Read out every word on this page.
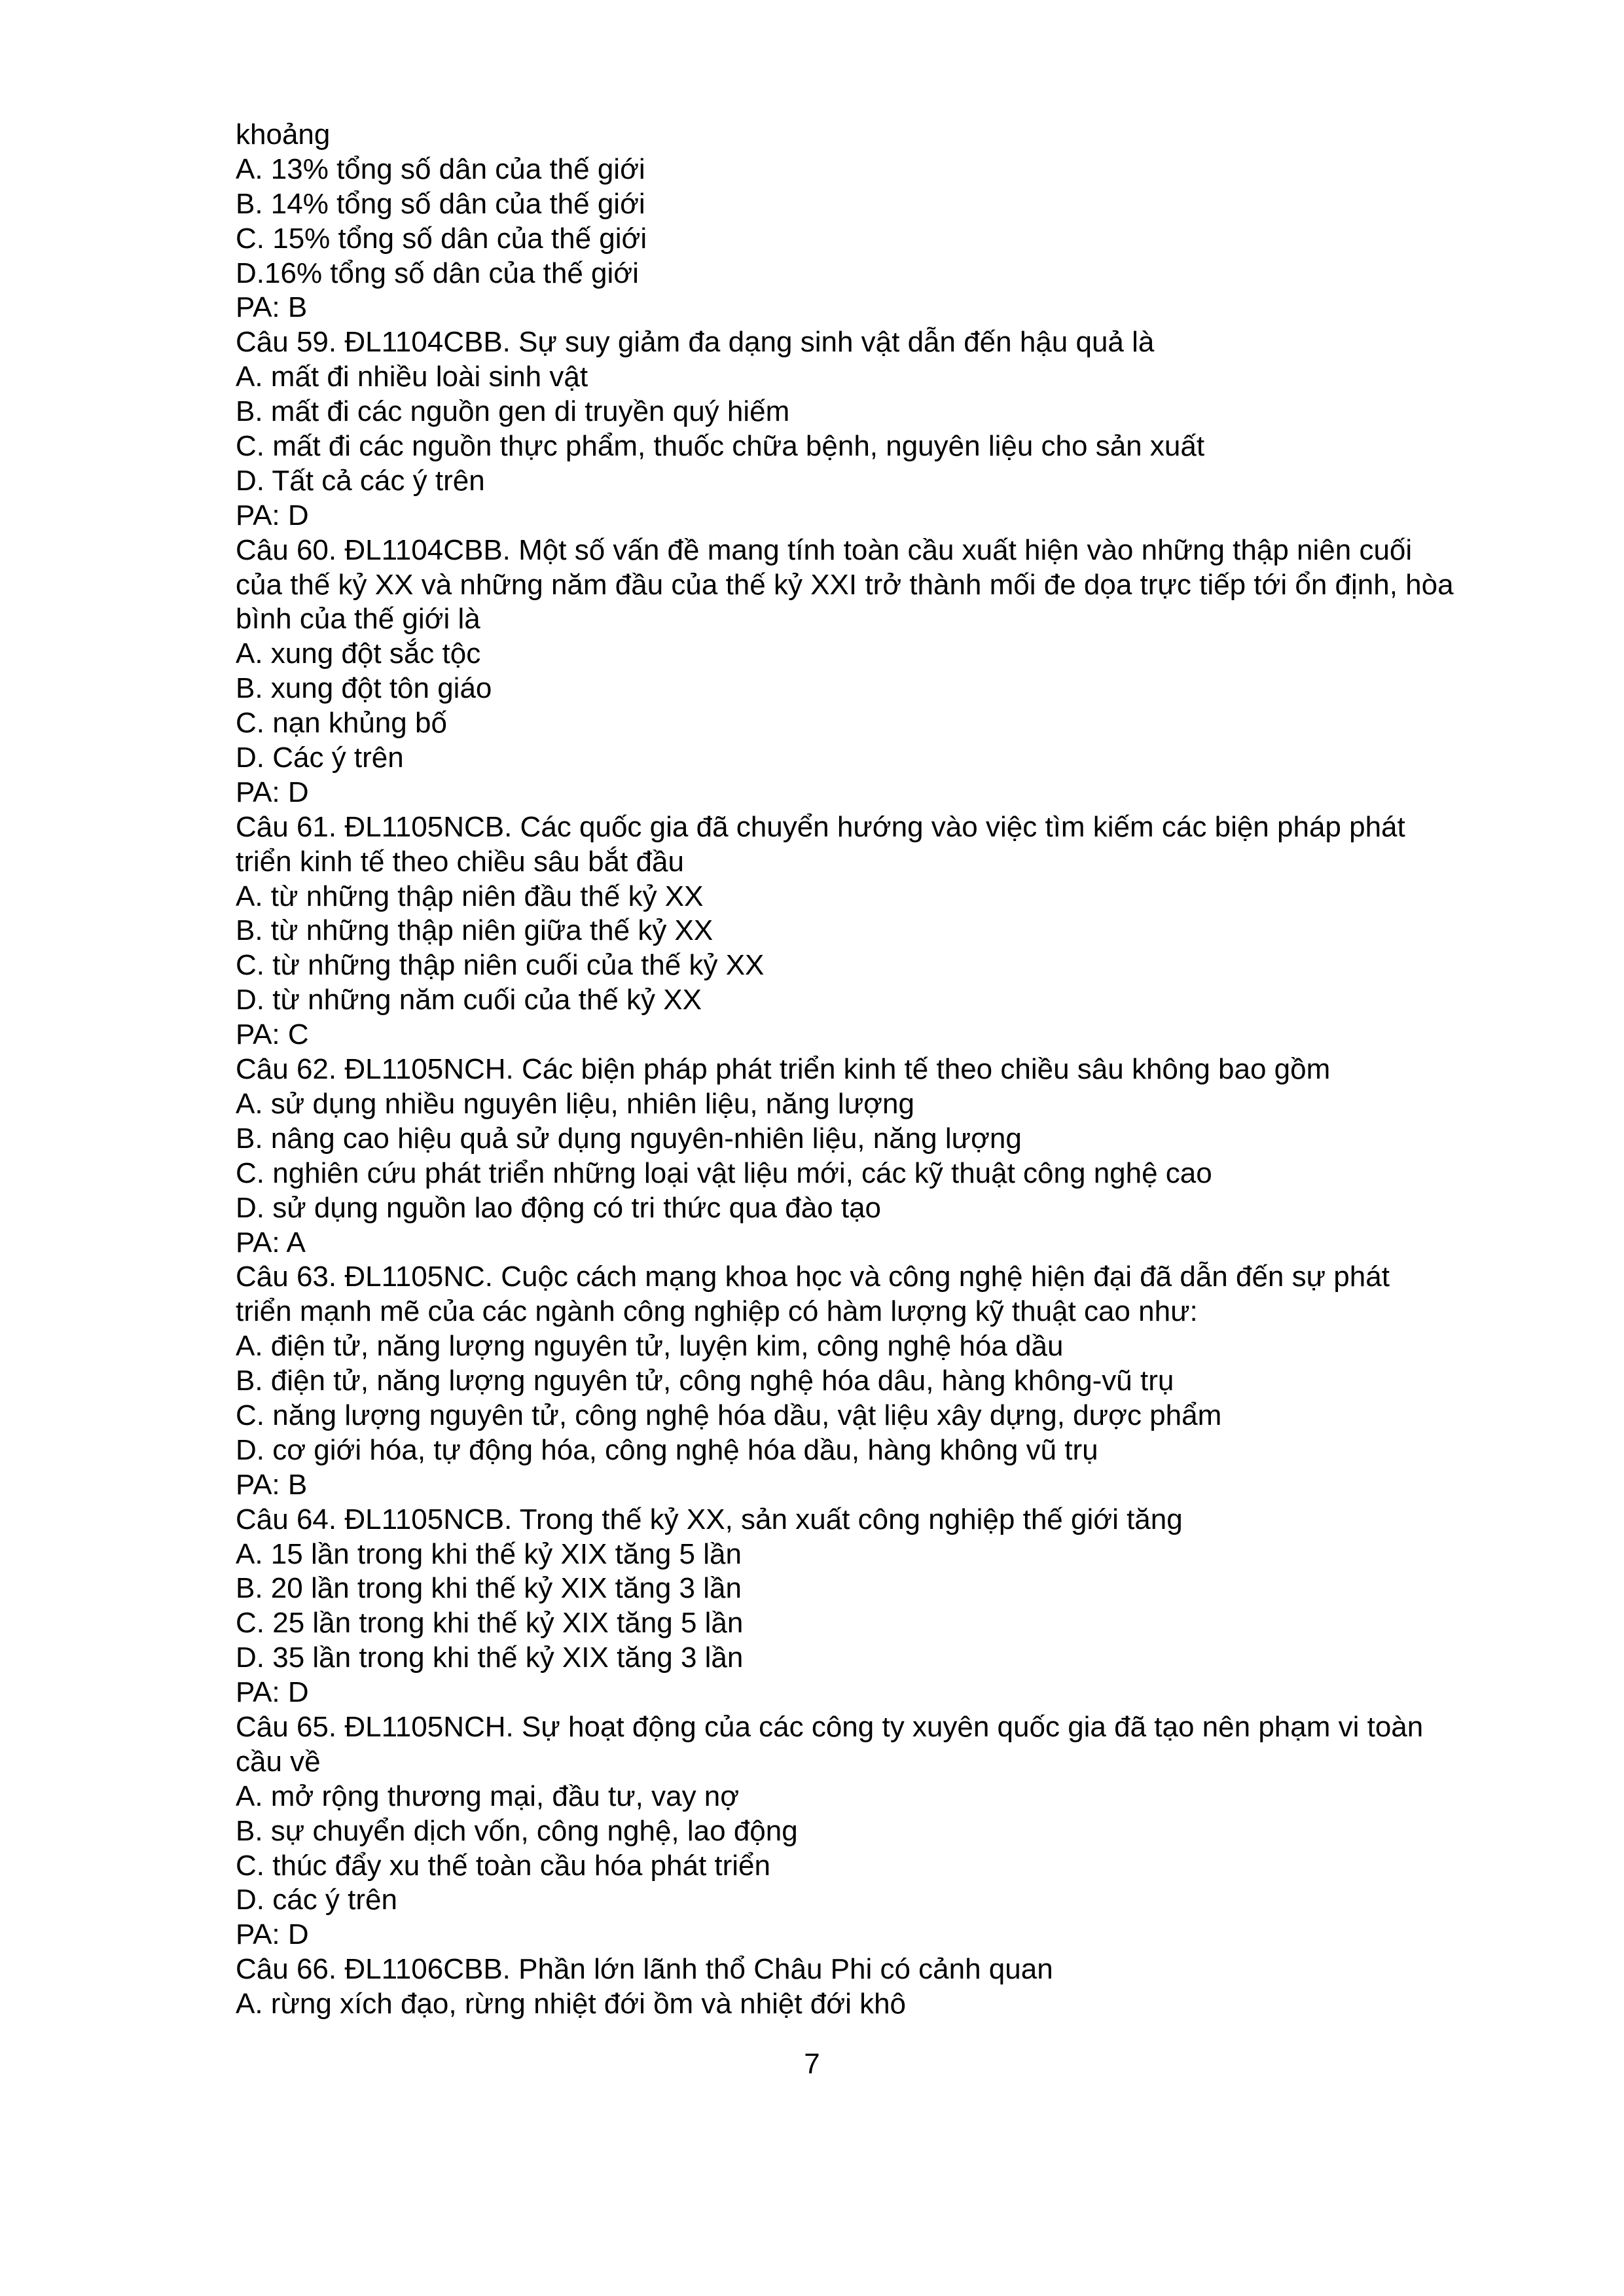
khoảng
A. 13% tổng số dân của thế giới
B. 14% tổng số dân của thế giới
C. 15% tổng số dân của thế giới
D.16% tổng số dân của thế giới
PA: B
Câu 59. ĐL1104CBB. Sự suy giảm đa dạng sinh vật dẫn đến hậu quả là
A. mất đi nhiều loài sinh vật
B. mất đi các nguồn gen di truyền quý hiếm
C. mất đi các nguồn thực phẩm, thuốc chữa bệnh, nguyên liệu cho sản xuất
D. Tất cả các ý trên
PA: D
Câu 60. ĐL1104CBB. Một số vấn đề mang tính toàn cầu xuất hiện vào những thập niên cuối
của thế kỷ XX và những năm đầu của thế kỷ XXI trở thành mối đe dọa trực tiếp tới ổn định, hòa
bình của thế giới là
A. xung đột sắc tộc
B. xung đột tôn giáo
C. nạn khủng bố
D. Các ý trên
PA: D
Câu 61. ĐL1105NCB. Các quốc gia đã chuyển hướng vào việc tìm kiếm các biện pháp phát
triển kinh tế theo chiều sâu bắt đầu
A. từ những thập niên đầu thế kỷ XX
B. từ những thập niên giữa thế kỷ XX
C. từ những thập niên cuối của thế kỷ XX
D. từ những năm cuối của thế kỷ XX
PA: C
Câu 62. ĐL1105NCH. Các biện pháp phát triển kinh tế theo chiều sâu không bao gồm
A. sử dụng nhiều nguyên liệu, nhiên liệu, năng lượng
B. nâng cao hiệu quả sử dụng nguyên-nhiên liệu, năng lượng
C. nghiên cứu phát triển những loại vật liệu mới, các kỹ thuật công nghệ cao
D. sử dụng nguồn lao động có tri thức qua đào tạo
PA: A
Câu 63. ĐL1105NC. Cuộc cách mạng khoa học và công nghệ hiện đại đã dẫn đến sự phát
triển mạnh mẽ của các ngành công nghiệp có hàm lượng kỹ thuật cao như:
A. điện tử, năng lượng nguyên tử, luyện kim, công nghệ hóa dầu
B. điện tử, năng lượng nguyên tử, công nghệ hóa dâu, hàng không-vũ trụ
C. năng lượng nguyên tử, công nghệ hóa dầu, vật liệu xây dựng, dược phẩm
D. cơ giới hóa, tự động hóa, công nghệ hóa dầu, hàng không vũ trụ
PA: B
Câu 64. ĐL1105NCB. Trong thế kỷ XX, sản xuất công nghiệp thế giới tăng
A. 15 lần trong khi thế kỷ XIX tăng 5 lần
B. 20 lần trong khi thế kỷ XIX tăng 3 lần
C. 25 lần trong khi thế kỷ XIX tăng 5 lần
D. 35 lần trong khi thế kỷ XIX tăng 3 lần
PA: D
Câu 65. ĐL1105NCH. Sự hoạt động của các công ty xuyên quốc gia đã tạo nên phạm vi toàn
cầu về
A. mở rộng thương mại, đầu tư, vay nợ
B. sự chuyển dịch vốn, công nghệ, lao động
C. thúc đẩy xu thế toàn cầu hóa phát triển
D. các ý trên
PA: D
Câu 66. ĐL1106CBB. Phần lớn lãnh thổ Châu Phi có cảnh quan
A. rừng xích đạo, rừng nhiệt đới ồm và nhiệt đới khô
7
